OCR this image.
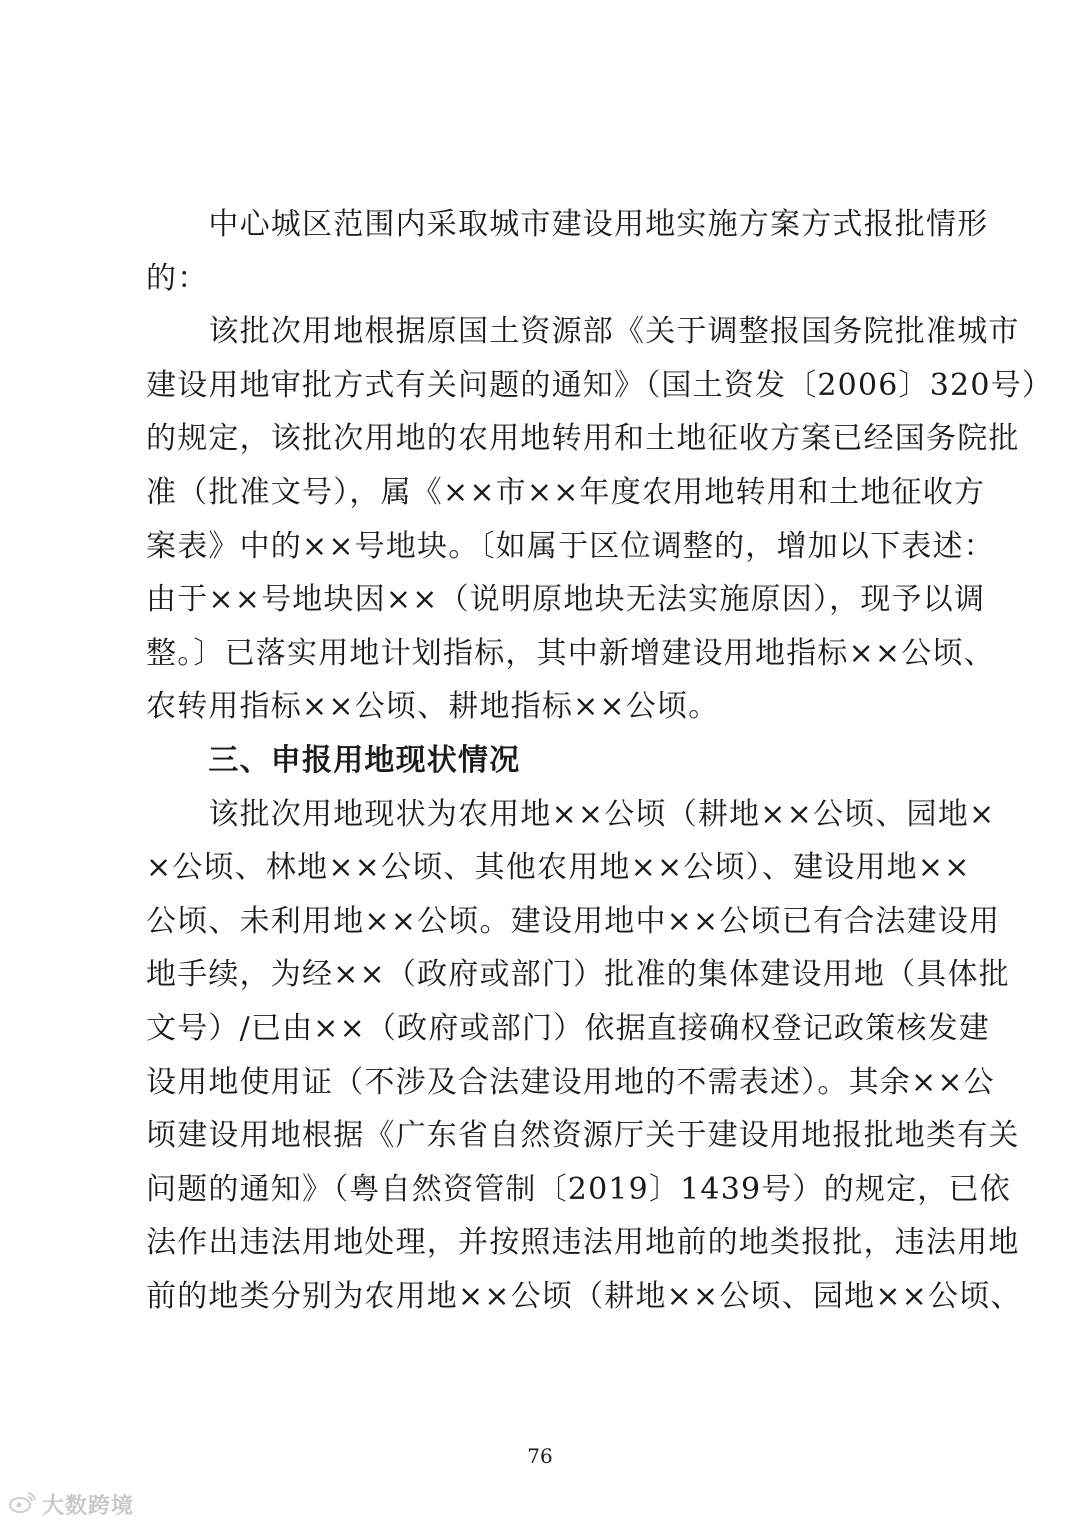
　　中心城区范围内采取城市建设用地实施方案方式报批情形
的：
　　该批次用地根据原国土资源部《关于调整报国务院批准城市
建设用地审批方式有关问题的通知》（国土资发〔2006〕320号）
的规定，该批次用地的农用地转用和土地征收方案已经国务院批
准（批准文号），属《××市××年度农用地转用和土地征收方
案表》中的××号地块。〔如属于区位调整的，增加以下表述：
由于××号地块因××（说明原地块无法实施原因），现予以调
整。〕已落实用地计划指标，其中新增建设用地指标××公顷、
农转用指标××公顷、耕地指标××公顷。
　　三、申报用地现状情况
　　该批次用地现状为农用地××公顷（耕地××公顷、园地×
×公顷、林地××公顷、其他农用地××公顷）、建设用地××
公顷、未利用地××公顷。建设用地中××公顷已有合法建设用
地手续，为经××（政府或部门）批准的集体建设用地（具体批
文号）/已由××（政府或部门）依据直接确权登记政策核发建
设用地使用证（不涉及合法建设用地的不需表述）。其余××公
顷建设用地根据《广东省自然资源厅关于建设用地报批地类有关
问题的通知》（粤自然资管制〔2019〕1439号）的规定，已依
法作出违法用地处理，并按照违法用地前的地类报批，违法用地
前的地类分别为农用地××公顷（耕地××公顷、园地××公顷、
76
大数跨境
